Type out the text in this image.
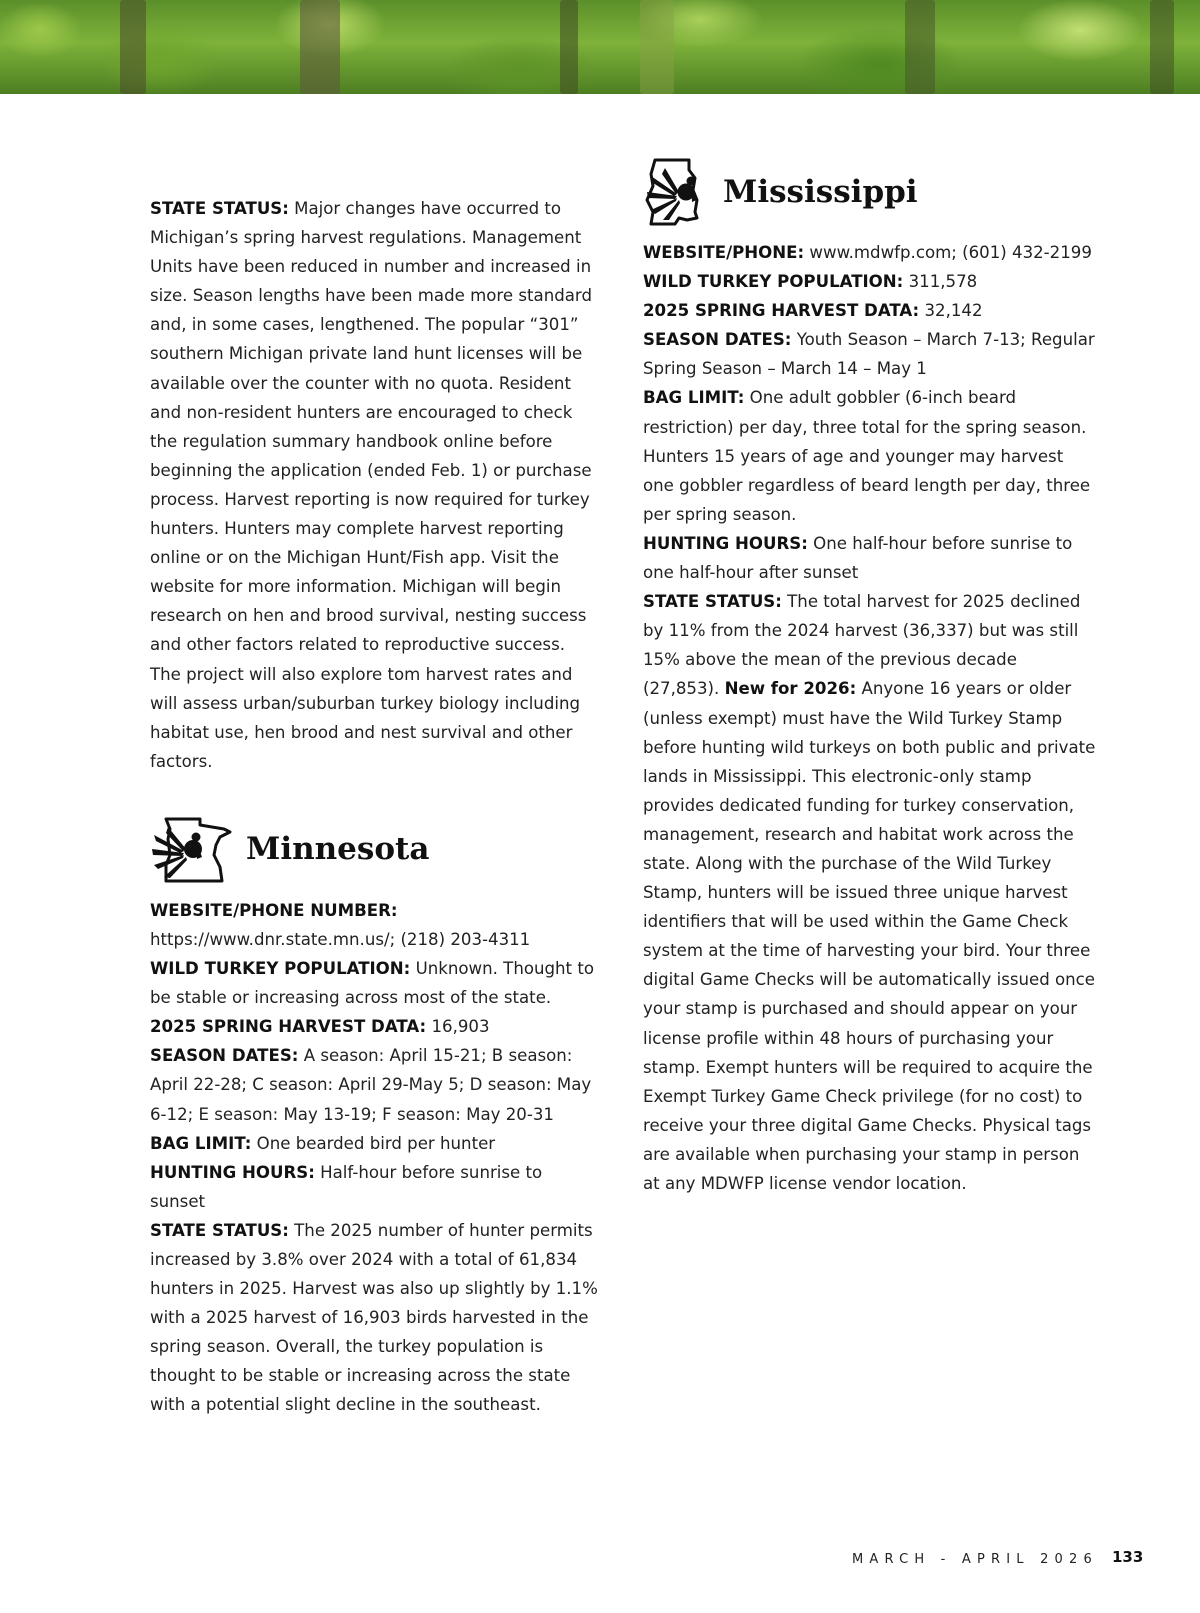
STATE STATUS: Major changes have occurred to Michigan’s spring harvest regulations. Management Units have been reduced in number and increased in size. Season lengths have been made more standard and, in some cases, lengthened. The popular “301” southern Michigan private land hunt licenses will be available over the counter with no quota. Resident and non-resident hunters are encouraged to check the regulation summary handbook online before beginning the application (ended Feb. 1) or purchase process. Harvest reporting is now required for turkey hunters. Hunters may complete harvest reporting online or on the Michigan Hunt/Fish app. Visit the website for more information. Michigan will begin research on hen and brood survival, nesting success and other factors related to reproductive success. The project will also explore tom harvest rates and will assess urban/suburban turkey biology including habitat use, hen brood and nest survival and other factors.

Minnesota

WEBSITE/PHONE NUMBER: https://www.dnr.state.mn.us/; (218) 203-4311

WILD TURKEY POPULATION: Unknown. Thought to be stable or increasing across most of the state.

2025 SPRING HARVEST DATA: 16,903

SEASON DATES: A season: April 15-21; B season: April 22-28; C season: April 29-May 5; D season: May 6-12; E season: May 13-19; F season: May 20-31

BAG LIMIT: One bearded bird per hunter

HUNTING HOURS: Half-hour before sunrise to sunset

STATE STATUS: The 2025 number of hunter permits increased by 3.8% over 2024 with a total of 61,834 hunters in 2025. Harvest was also up slightly by 1.1% with a 2025 harvest of 16,903 birds harvested in the spring season. Overall, the turkey population is thought to be stable or increasing across the state with a potential slight decline in the southeast.

Mississippi

WEBSITE/PHONE: www.mdwfp.com; (601) 432-2199

WILD TURKEY POPULATION: 311,578

2025 SPRING HARVEST DATA: 32,142

SEASON DATES: Youth Season – March 7-13; Regular Spring Season – March 14 – May 1

BAG LIMIT: One adult gobbler (6-inch beard restriction) per day, three total for the spring season. Hunters 15 years of age and younger may harvest one gobbler regardless of beard length per day, three per spring season.

HUNTING HOURS: One half-hour before sunrise to one half-hour after sunset

STATE STATUS: The total harvest for 2025 declined by 11% from the 2024 harvest (36,337) but was still 15% above the mean of the previous decade (27,853). New for 2026: Anyone 16 years or older (unless exempt) must have the Wild Turkey Stamp before hunting wild turkeys on both public and private lands in Mississippi. This electronic-only stamp provides dedicated funding for turkey conservation, management, research and habitat work across the state. Along with the purchase of the Wild Turkey Stamp, hunters will be issued three unique harvest identifiers that will be used within the Game Check system at the time of harvesting your bird. Your three digital Game Checks will be automatically issued once your stamp is purchased and should appear on your license profile within 48 hours of purchasing your stamp. Exempt hunters will be required to acquire the Exempt Turkey Game Check privilege (for no cost) to receive your three digital Game Checks. Physical tags are available when purchasing your stamp in person at any MDWFP license vendor location.

MARCH - APRIL 2026 133
